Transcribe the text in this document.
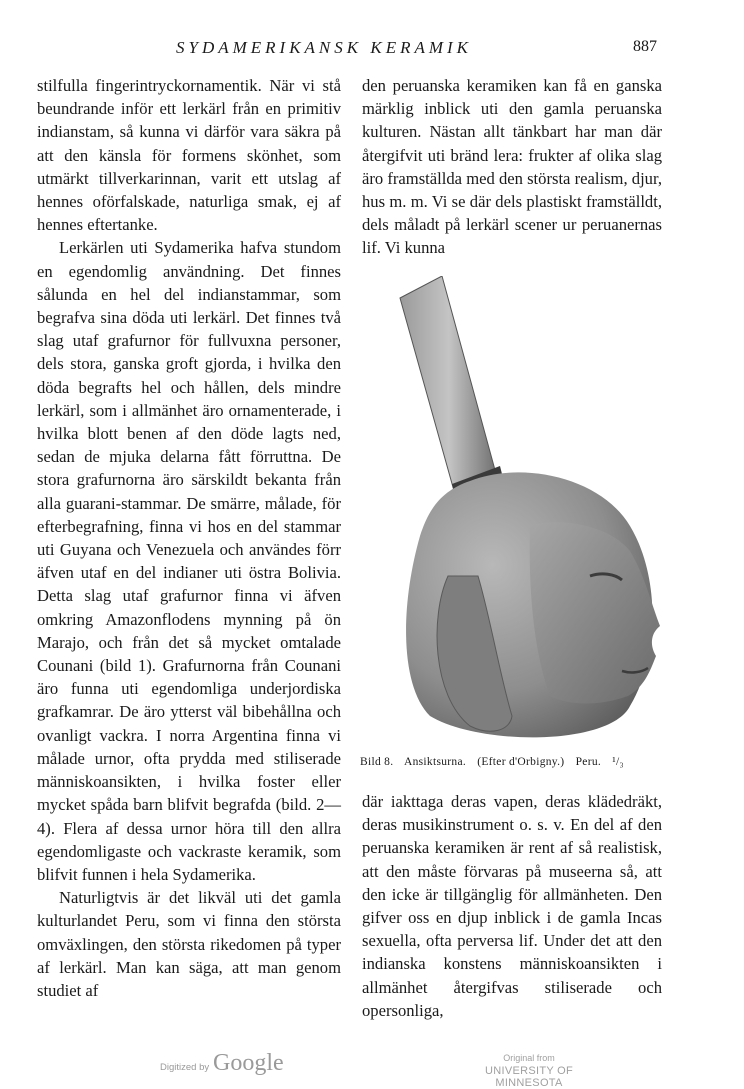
SYDAMERIKANSK KERAMIK	887

stilfulla fingerintryckornamentik. När vi stå beundrande inför ett lerkärl från en primitiv indianstam, så kunna vi därför vara säkra på att den känsla för formens skönhet, som utmärkt tillverkarinnan, varit ett utslag af hennes oförfalskade, naturliga smak, ej af hennes eftertanke.

Lerkärlen uti Sydamerika hafva stundom en egendomlig användning. Det finnes sålunda en hel del indianstammar, som begrafva sina döda uti lerkärl. Det finnes två slag utaf grafurnor för fullvuxna personer, dels stora, ganska groft gjorda, i hvilka den döda begrafts hel och hållen, dels mindre lerkärl, som i allmänhet äro ornamenterade, i hvilka blott benen af den döde lagts ned, sedan de mjuka delarna fått förruttna. De stora grafurnorna äro särskildt bekanta från alla guarani-stammar. De smärre, målade, för efterbegrafning, finna vi hos en del stammar uti Guyana och Venezuela och användes förr äfven utaf en del indianer uti östra Bolivia. Detta slag utaf grafurnor finna vi äfven omkring Amazonflodens mynning på ön Marajo, och från det så mycket omtalade Counani (bild 1). Grafurnorna från Counani äro funna uti egendomliga underjordiska grafkamrar. De äro ytterst väl bibehållna och ovanligt vackra. I norra Argentina finna vi målade urnor, ofta prydda med stiliserade människoansikten, i hvilka foster eller mycket spåda barn blifvit begrafda (bild. 2—4). Flera af dessa urnor höra till den allra egendomligaste och vackraste keramik, som blifvit funnen i hela Sydamerika.

Naturligtvis är det likväl uti det gamla kulturlandet Peru, som vi finna den största omväxlingen, den största rikedomen på typer af lerkärl. Man kan säga, att man genom studiet af

den peruanska keramiken kan få en ganska märklig inblick uti den gamla peruanska kulturen. Nästan allt tänkbart har man där återgifvit uti bränd lera: frukter af olika slag äro framställda med den största realism, djur, hus m. m. Vi se där dels plastiskt framställdt, dels måladt på lerkärl scener ur peruanernas lif. Vi kunna

Bild 8. Ansiktsurna. (Efter d'Orbigny.) Peru. ¹/₃

där iakttaga deras vapen, deras klädedräkt, deras musikinstrument o. s. v. En del af den peruanska keramiken är rent af så realistisk, att den måste förvaras på museerna så, att den icke är tillgänglig för allmänheten. Den gifver oss en djup inblick i de gamla Incas sexuella, ofta perversa lif. Under det att den indianska konstens människoansikten i allmänhet återgifvas stiliserade och opersonliga,

Digitized by Google	Original from
UNIVERSITY OF MINNESOTA
